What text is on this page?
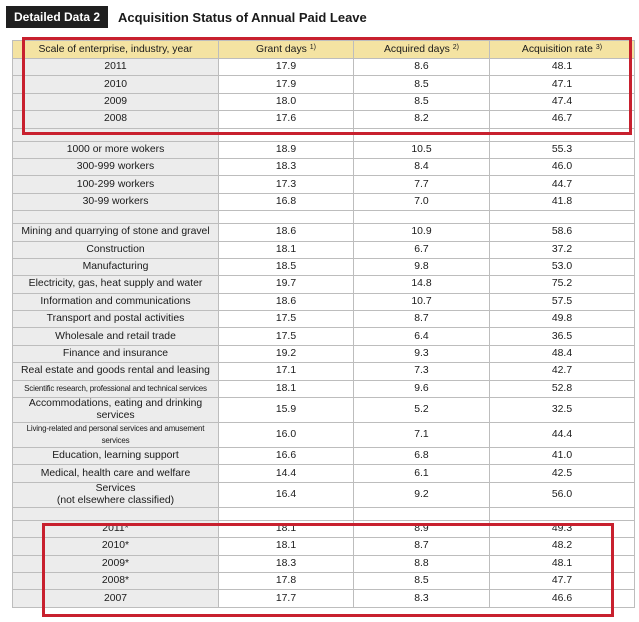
Detailed Data 2	Acquisition Status of Annual Paid Leave
Scale of enterprise, industry, year	Grant days $^{1)}$	Acquired days $^{2)}$	Acquisition rate $^{3)}$
2011	17.9	8.6	48.1
2010	17.9	8.5	47.1
2009	18.0	8.5	47.4
2008	17.6	8.2	46.7

1000 or more wokers	18.9	10.5	55.3
300-999 workers	18.3	8.4	46.0
100-299 workers	17.3	7.7	44.7
30-99 workers	16.8	7.0	41.8

Mining and quarrying of stone and gravel	18.6	10.9	58.6
Construction	18.1	6.7	37.2
Manufacturing	18.5	9.8	53.0
Electricity, gas, heat supply and water	19.7	14.8	75.2
Information and communications	18.6	10.7	57.5
Transport and postal activities	17.5	8.7	49.8
Wholesale and retail trade	17.5	6.4	36.5
Finance and insurance	19.2	9.3	48.4
Real estate and goods rental and leasing	17.1	7.3	42.7
Scientific research, professional and technical services	18.1	9.6	52.8
Accommodations, eating and drinking services	15.9	5.2	32.5
Living-related and personal services and amusement services	16.0	7.1	44.4
Education, learning support	16.6	6.8	41.0
Medical, health care and welfare	14.4	6.1	42.5
Services
(not elsewhere classified)	16.4	9.2	56.0

2011*	18.1	8.9	49.3
2010*	18.1	8.7	48.2
2009*	18.3	8.8	48.1
2008*	17.8	8.5	47.7
2007	17.7	8.3	46.6
